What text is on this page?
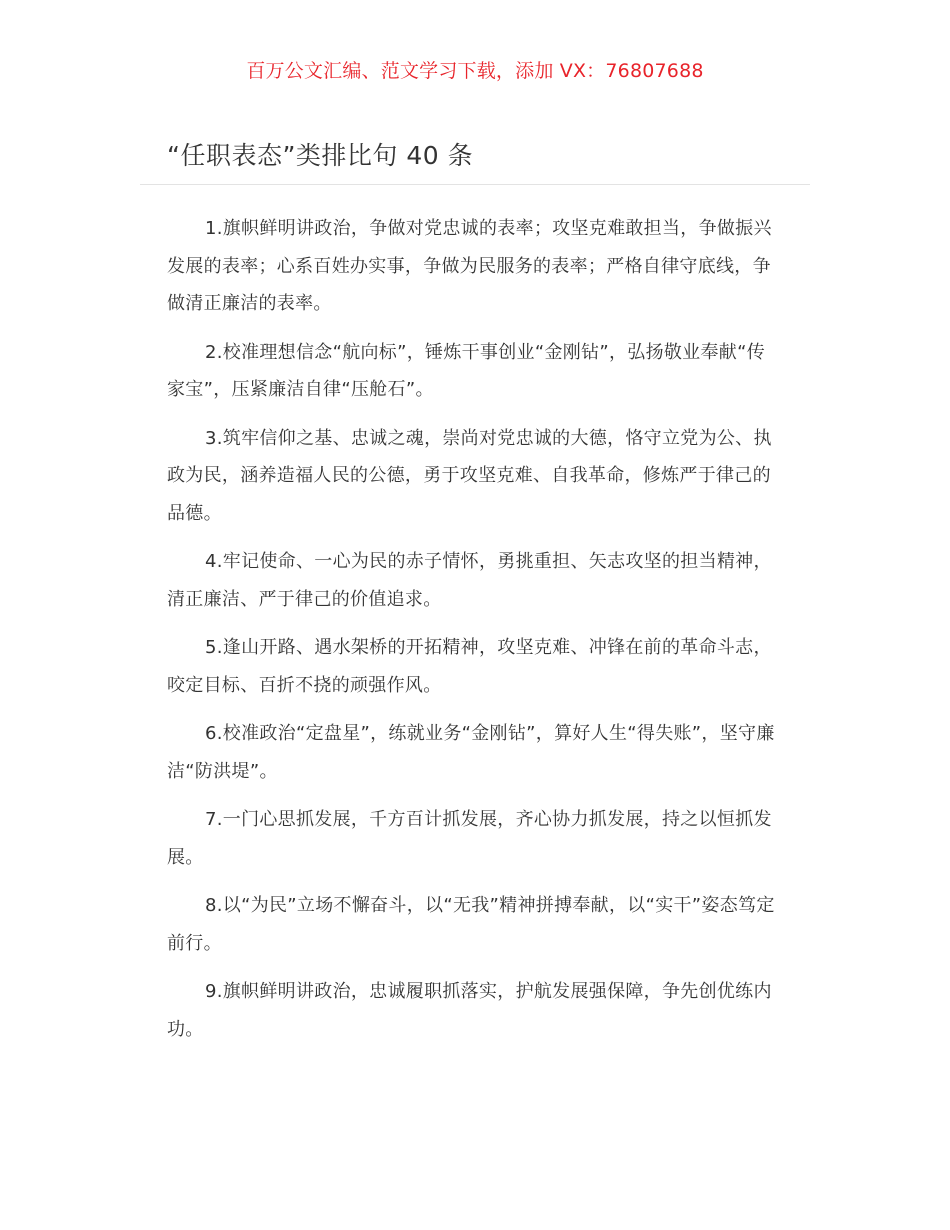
百万公文汇编、范文学习下载，添加 VX：76807688
“任职表态”类排比句 40 条

1.旗帜鲜明讲政治，争做对党忠诚的表率；攻坚克难敢担当，争做振兴发展的表率；心系百姓办实事，争做为民服务的表率；严格自律守底线，争做清正廉洁的表率。

2.校准理想信念“航向标”，锤炼干事创业“金刚钻”，弘扬敬业奉献“传家宝”，压紧廉洁自律“压舱石”。

3.筑牢信仰之基、忠诚之魂，崇尚对党忠诚的大德，恪守立党为公、执政为民，涵养造福人民的公德，勇于攻坚克难、自我革命，修炼严于律己的品德。

4.牢记使命、一心为民的赤子情怀，勇挑重担、矢志攻坚的担当精神，清正廉洁、严于律己的价值追求。

5.逢山开路、遇水架桥的开拓精神，攻坚克难、冲锋在前的革命斗志，咬定目标、百折不挠的顽强作风。

6.校准政治“定盘星”，练就业务“金刚钻”，算好人生“得失账”，坚守廉洁“防洪堤”。

7.一门心思抓发展，千方百计抓发展，齐心协力抓发展，持之以恒抓发展。

8.以“为民”立场不懈奋斗，以“无我”精神拼搏奉献，以“实干”姿态笃定前行。

9.旗帜鲜明讲政治，忠诚履职抓落实，护航发展强保障，争先创优练内功。
